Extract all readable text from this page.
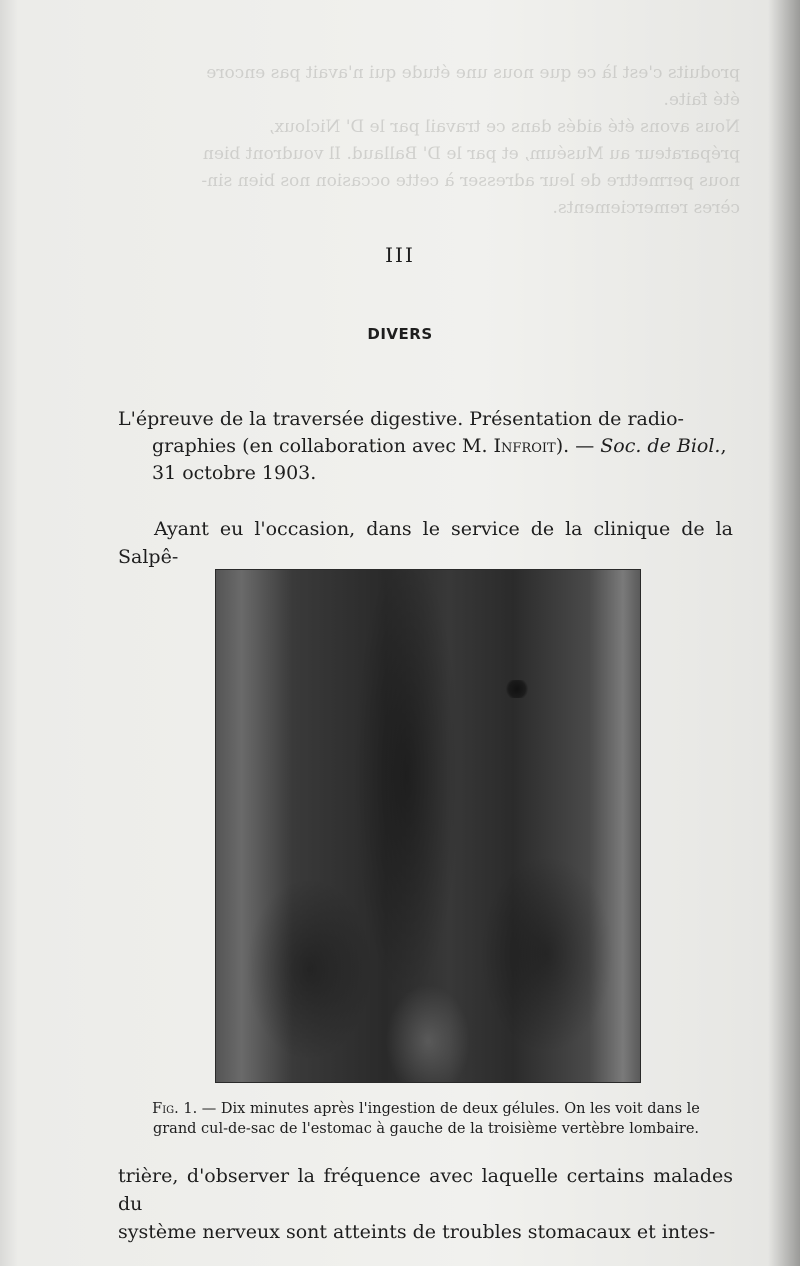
produits c'est là ce que nous une étude qui n'avait pas encore

été faite.

Nous avons été aidés dans ce travail par le D' Nicloux,

préparateur au Muséum, et par le D' Ballaud. Il voudront bien

nous permettre de leur adresser à cette occasion nos bien sin-

cères remerciements.

III
DIVERS
L'épreuve de la traversée digestive. Présentation de radio-
graphies (en collaboration avec M. Infroit). — Soc. de Biol.,
31 octobre 1903.
Ayant eu l'occasion, dans le service de la clinique de la Salpê-
Fig. 1. — Dix minutes après l'ingestion de deux gélules. On les voit dans le
grand cul-de-sac de l'estomac à gauche de la troisième vertèbre lombaire.
trière, d'observer la fréquence avec laquelle certains malades du
système nerveux sont atteints de troubles stomacaux et intes-
